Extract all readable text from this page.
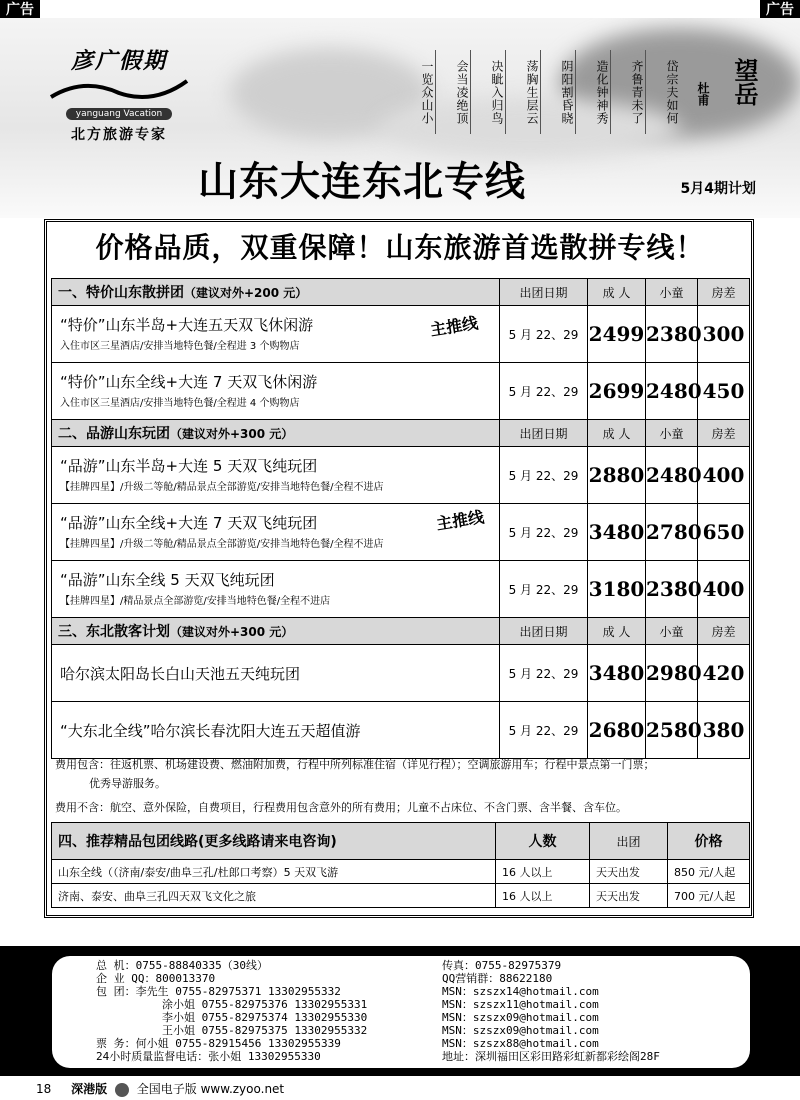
广告	广告
彦广假期
yanguang Vacation
北方旅游专家
岱宗夫如何
齐鲁青未了
造化钟神秀
阴阳割昏晓
荡胸生层云
决眦入归鸟
会当凌绝顶
一览众山小	望岳
杜甫
山东大连东北专线	5月4期计划
价格品质，双重保障！山东旅游首选散拼专线！
一、特价山东散拼团（建议对外+200 元）	出团日期	成 人	小童	房差

“特价”山东半岛+大连五天双飞休闲游
入住市区三星酒店/安排当地特色餐/全程进 3 个购物店
主推线	5 月 22、29	2499	2380	300

“特价”山东全线+大连 7 天双飞休闲游
入住市区三星酒店/安排当地特色餐/全程进 4 个购物店	5 月 22、29	2699	2480	450
二、品游山东玩团（建议对外+300 元）	出团日期	成 人	小童	房差

“品游”山东半岛+大连 5 天双飞纯玩团
【挂牌四星】/升级二等舱/精品景点全部游览/安排当地特色餐/全程不进店	5 月 22、29	2880	2480	400

“品游”山东全线+大连 7 天双飞纯玩团
【挂牌四星】/升级二等舱/精品景点全部游览/安排当地特色餐/全程不进店
主推线	5 月 22、29	3480	2780	650

“品游”山东全线 5 天双飞纯玩团
【挂牌四星】/精品景点全部游览/安排当地特色餐/全程不进店	5 月 22、29	3180	2380	400
三、东北散客计划（建议对外+300 元）	出团日期	成 人	小童	房差
哈尔滨太阳岛长白山天池五天纯玩团	5 月 22、29	3480	2980	420
“大东北全线”哈尔滨长春沈阳大连五天超值游	5 月 22、29	2680	2580	380
费用包含：往返机票、机场建设费、燃油附加费，行程中所列标准住宿（详见行程）；空调旅游用车；行程中景点第一门票；
优秀导游服务。
费用不含：航空、意外保险，自费项目，行程费用包含意外的所有费用；儿童不占床位、不含门票、含半餐、含车位。
四、推荐精品包团线路(更多线路请来电咨询)	人数	出团	价格
山东全线（（济南/泰安/曲阜三孔/杜郎口考察）5 天双飞游	16 人以上	天天出发	850 元/人起
济南、泰安、曲阜三孔四天双飞文化之旅	16 人以上	天天出发	700 元/人起
总 机：0755-88840335（30线）
企 业 QQ：800013370
包 团：李先生 0755-82975371 13302955332
涂小姐 0755-82975376 13302955331
李小姐 0755-82975374 13302955330
王小姐 0755-82975375 13302955332
票 务：何小姐 0755-82915456 13302955339
24小时质量监督电话：张小姐 13302955330
传真：0755-82975379
QQ营销群：88622180
MSN：szszx14@hotmail.com
MSN：szszx11@hotmail.com
MSN：szszx09@hotmail.com
MSN：szszx09@hotmail.com
MSN：szszx88@hotmail.com
地址：深圳福田区彩田路彩虹新都彩绘阁28F
18 深港版 全国电子版 www.zyoo.net
